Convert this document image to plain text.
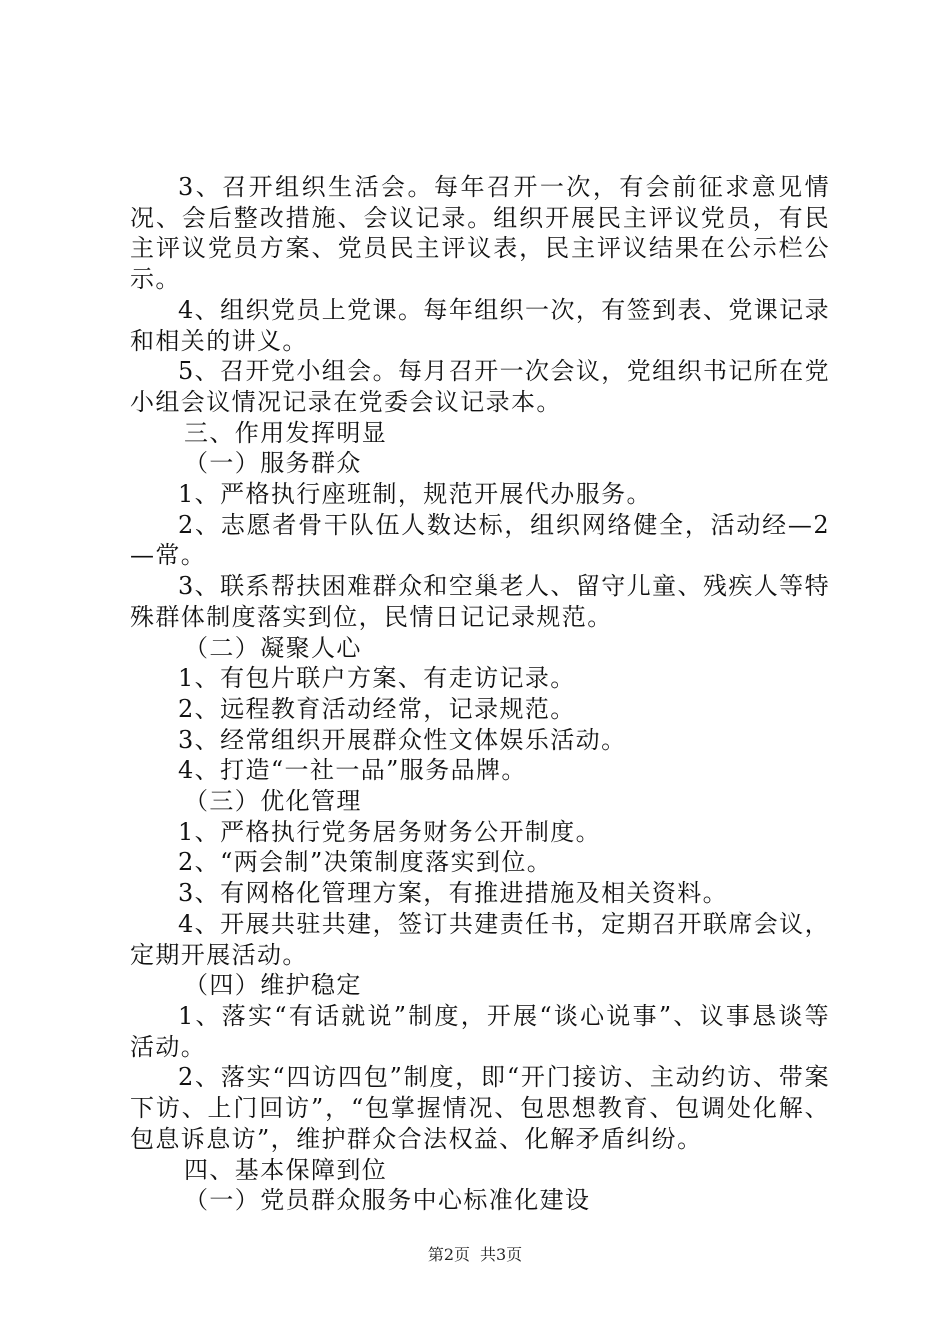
3、召开组织生活会。每年召开一次，有会前征求意见情况、会后整改措施、会议记录。组织开展民主评议党员，有民主评议党员方案、党员民主评议表，民主评议结果在公示栏公示。

4、组织党员上党课。每年组织一次，有签到表、党课记录和相关的讲义。

5、召开党小组会。每月召开一次会议，党组织书记所在党小组会议情况记录在党委会议记录本。

三、作用发挥明显

（一）服务群众

1、严格执行座班制，规范开展代办服务。

2、志愿者骨干队伍人数达标，组织网络健全，活动经—2—常。

3、联系帮扶困难群众和空巢老人、留守儿童、残疾人等特殊群体制度落实到位，民情日记记录规范。

（二）凝聚人心

1、有包片联户方案、有走访记录。

2、远程教育活动经常，记录规范。

3、经常组织开展群众性文体娱乐活动。

4、打造“一社一品”服务品牌。

（三）优化管理

1、严格执行党务居务财务公开制度。

2、“两会制”决策制度落实到位。

3、有网格化管理方案，有推进措施及相关资料。

4、开展共驻共建，签订共建责任书，定期召开联席会议，定期开展活动。

（四）维护稳定

1、落实“有话就说”制度，开展“谈心说事”、议事恳谈等活动。

2、落实“四访四包”制度，即“开门接访、主动约访、带案下访、上门回访”，“包掌握情况、包思想教育、包调处化解、包息诉息访”，维护群众合法权益、化解矛盾纠纷。

四、基本保障到位

（一）党员群众服务中心标准化建设

第2页 共3页
